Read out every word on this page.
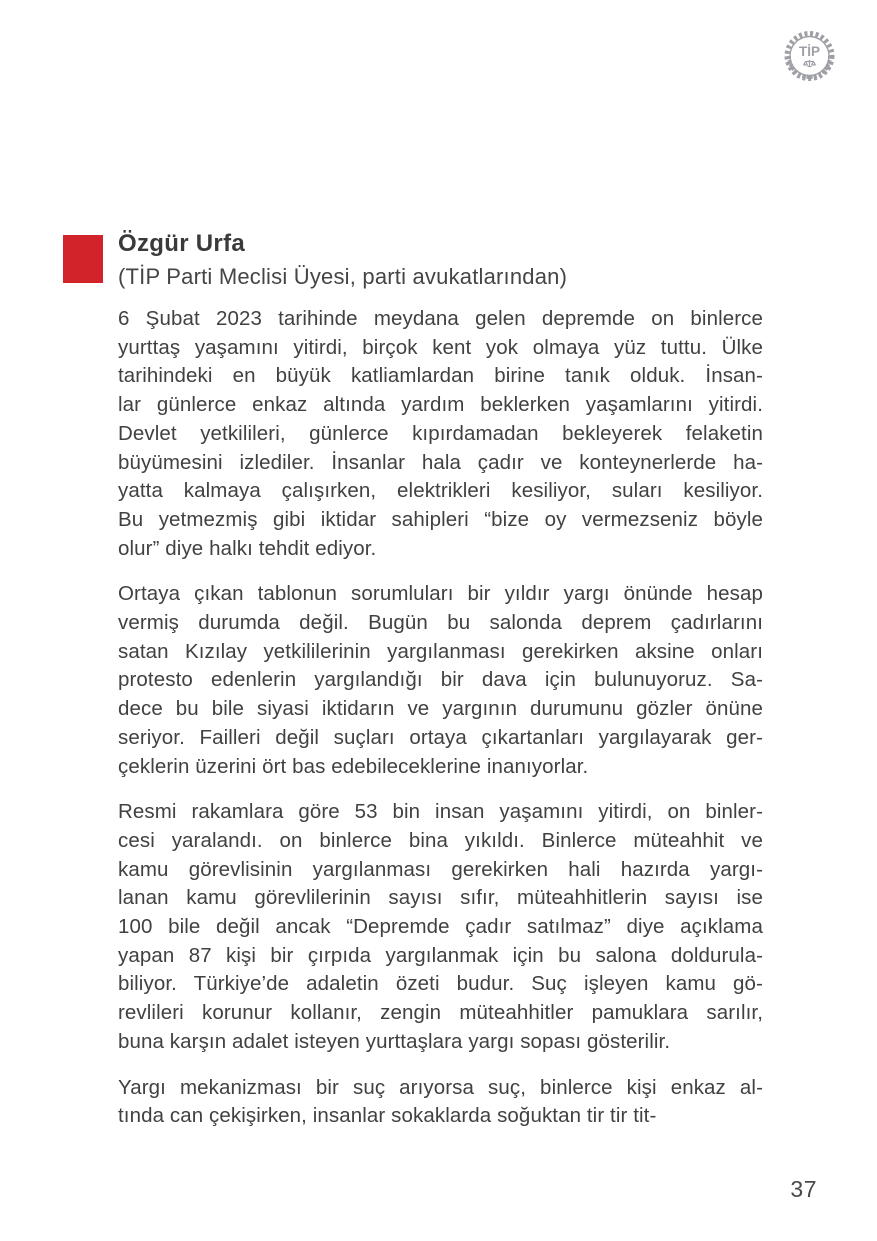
TİP
Özgür Urfa
(TİP Parti Meclisi Üyesi, parti avukatlarından)

6 Şubat 2023 tarihinde meydana gelen depremde on binlerce
yurttaş yaşamını yitirdi, birçok kent yok olmaya yüz tuttu. Ülke
tarihindeki en büyük katliamlardan birine tanık olduk. İnsan-
lar günlerce enkaz altında yardım beklerken yaşamlarını yitirdi.
Devlet yetkilileri, günlerce kıpırdamadan bekleyerek felaketin
büyümesini izlediler. İnsanlar hala çadır ve konteynerlerde ha-
yatta kalmaya çalışırken, elektrikleri kesiliyor, suları kesiliyor.
Bu yetmezmiş gibi iktidar sahipleri “bize oy vermezseniz böyle
olur” diye halkı tehdit ediyor.

Ortaya çıkan tablonun sorumluları bir yıldır yargı önünde hesap
vermiş durumda değil. Bugün bu salonda deprem çadırlarını
satan Kızılay yetkililerinin yargılanması gerekirken aksine onları
protesto edenlerin yargılandığı bir dava için bulunuyoruz. Sa-
dece bu bile siyasi iktidarın ve yargının durumunu gözler önüne
seriyor. Failleri değil suçları ortaya çıkartanları yargılayarak ger-
çeklerin üzerini ört bas edebileceklerine inanıyorlar.

Resmi rakamlara göre 53 bin insan yaşamını yitirdi, on binler-
cesi yaralandı. on binlerce bina yıkıldı. Binlerce müteahhit ve
kamu görevlisinin yargılanması gerekirken hali hazırda yargı-
lanan kamu görevlilerinin sayısı sıfır, müteahhitlerin sayısı ise
100 bile değil ancak “Depremde çadır satılmaz” diye açıklama
yapan 87 kişi bir çırpıda yargılanmak için bu salona doldurula-
biliyor. Türkiye’de adaletin özeti budur. Suç işleyen kamu gö-
revlileri korunur kollanır, zengin müteahhitler pamuklara sarılır,
buna karşın adalet isteyen yurttaşlara yargı sopası gösterilir.

Yargı mekanizması bir suç arıyorsa suç, binlerce kişi enkaz al-
tında can çekişirken, insanlar sokaklarda soğuktan tir tir tit-

37
